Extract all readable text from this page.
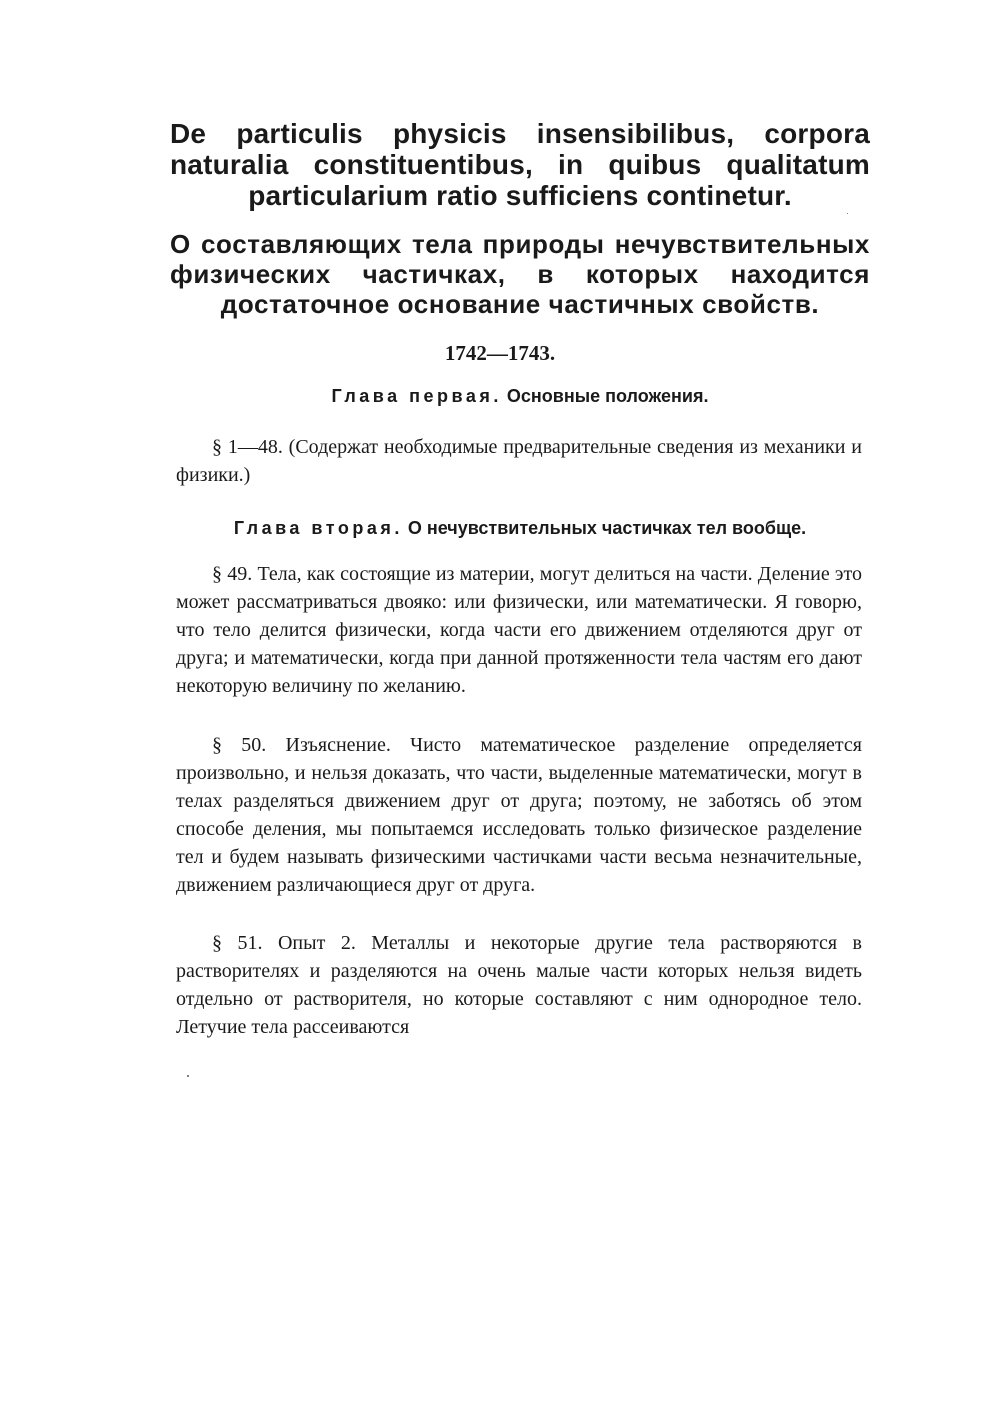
De particulis physicis insensibilibus, corpora naturalia constituentibus, in quibus qualitatum particularium ratio sufficiens continetur.
О составляющих тела природы нечувствительных физических частичках, в которых находится достаточное основание частичных свойств.
1742—1743.
Глава первая. Основные положения.

§ 1—48. (Содержат необходимые предварительные сведения из механики и физики.)

Глава вторая. О нечувствительных частичках тел вообще.

§ 49. Тела, как состоящие из материи, могут делиться на части. Деление это может рассматриваться двояко: или физически, или математически. Я говорю, что тело делится физически, когда части его движением отделяются друг от друга; и математически, когда при данной протяженности тела частям его дают некоторую величину по желанию.

§ 50. Изъяснение. Чисто математическое разделение определяется произвольно, и нельзя доказать, что части, выделенные математически, могут в телах разделяться движением друг от друга; поэтому, не заботясь об этом способе деления, мы попытаемся исследовать только физическое разделение тел и будем называть физическими частичками части весьма незначительные, движением различающиеся друг от друга.

§ 51. Опыт 2. Металлы и некоторые другие тела растворяются в растворителях и разделяются на очень малые части которых нельзя видеть отдельно от растворителя, но которые составляют с ним однородное тело. Летучие тела рассеиваются
